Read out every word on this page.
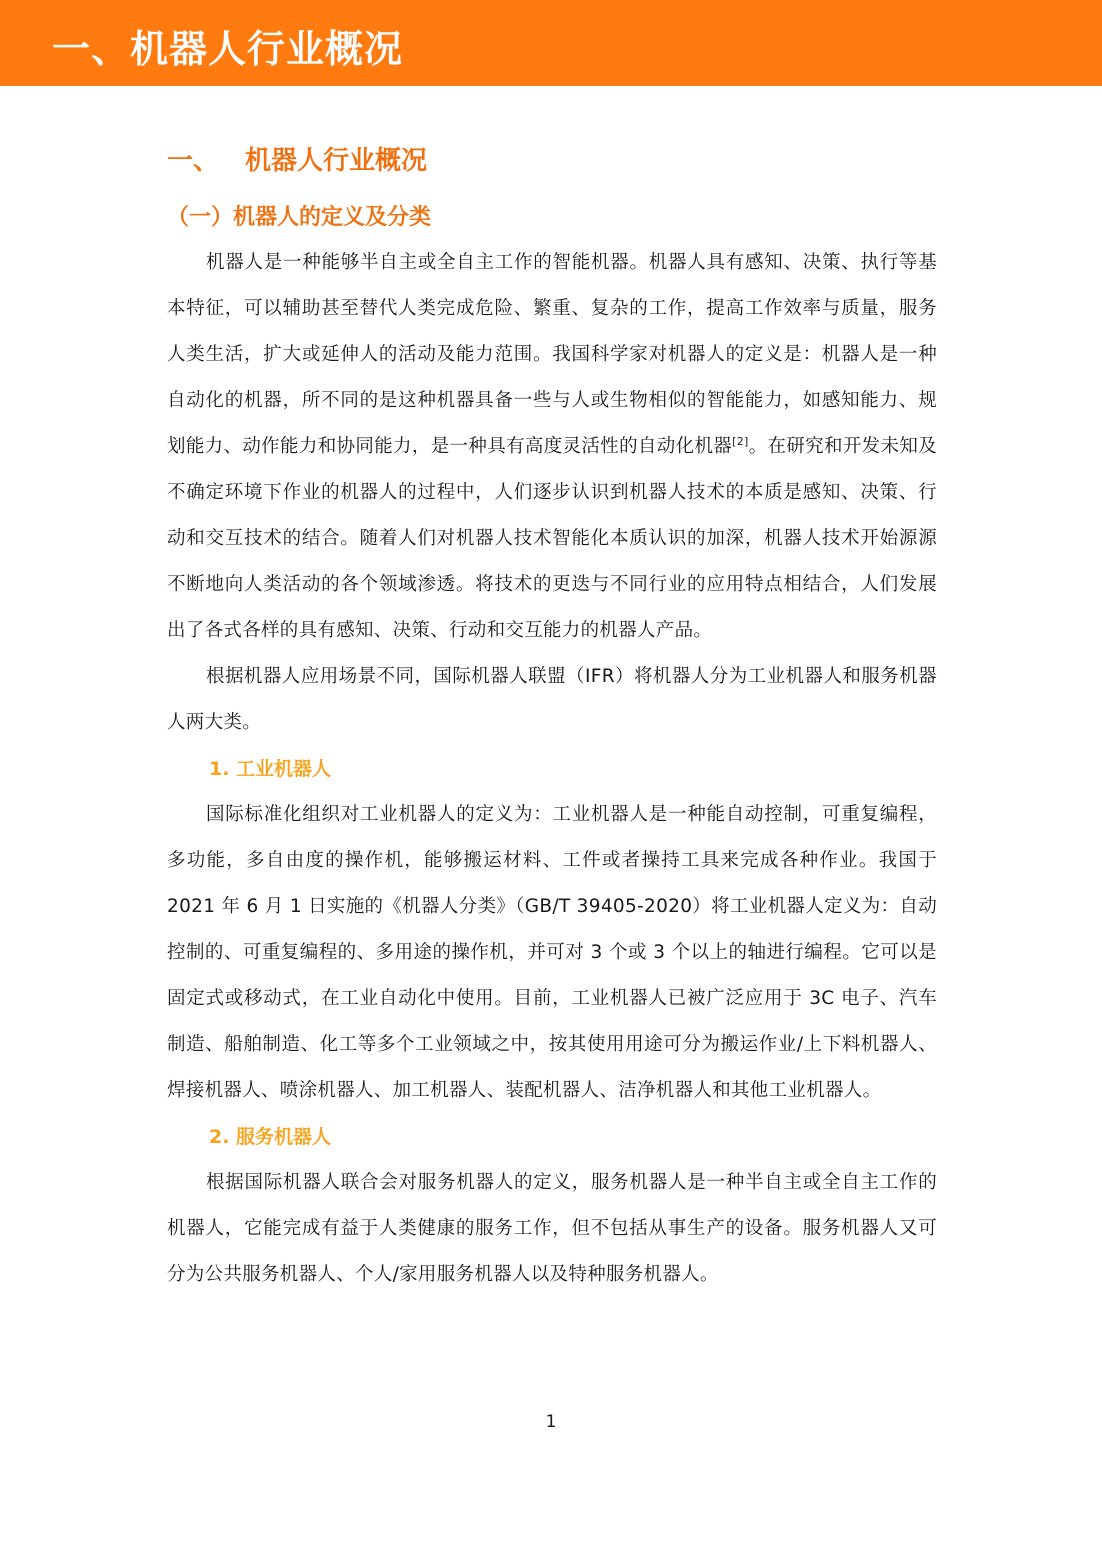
一、机器人行业概况
一、 机器人行业概况
（一）机器人的定义及分类

机器人是一种能够半自主或全自主工作的智能机器。机器人具有感知、决策、执行等基本特征，可以辅助甚至替代人类完成危险、繁重、复杂的工作，提高工作效率与质量，服务人类生活，扩大或延伸人的活动及能力范围。我国科学家对机器人的定义是：机器人是一种自动化的机器，所不同的是这种机器具备一些与人或生物相似的智能能力，如感知能力、规划能力、动作能力和协同能力，是一种具有高度灵活性的自动化机器[2]。在研究和开发未知及不确定环境下作业的机器人的过程中，人们逐步认识到机器人技术的本质是感知、决策、行动和交互技术的结合。随着人们对机器人技术智能化本质认识的加深，机器人技术开始源源不断地向人类活动的各个领域渗透。将技术的更迭与不同行业的应用特点相结合，人们发展出了各式各样的具有感知、决策、行动和交互能力的机器人产品。

根据机器人应用场景不同，国际机器人联盟（IFR）将机器人分为工业机器人和服务机器人两大类。

1. 工业机器人

国际标准化组织对工业机器人的定义为：工业机器人是一种能自动控制，可重复编程，多功能，多自由度的操作机，能够搬运材料、工件或者操持工具来完成各种作业。我国于 2021 年 6 月 1 日实施的《机器人分类》（GB/T 39405-2020）将工业机器人定义为：自动控制的、可重复编程的、多用途的操作机，并可对 3 个或 3 个以上的轴进行编程。它可以是固定式或移动式，在工业自动化中使用。目前，工业机器人已被广泛应用于 3C 电子、汽车制造、船舶制造、化工等多个工业领域之中，按其使用用途可分为搬运作业/上下料机器人、焊接机器人、喷涂机器人、加工机器人、装配机器人、洁净机器人和其他工业机器人。

2. 服务机器人

根据国际机器人联合会对服务机器人的定义，服务机器人是一种半自主或全自主工作的机器人，它能完成有益于人类健康的服务工作，但不包括从事生产的设备。服务机器人又可分为公共服务机器人、个人/家用服务机器人以及特种服务机器人。

1
